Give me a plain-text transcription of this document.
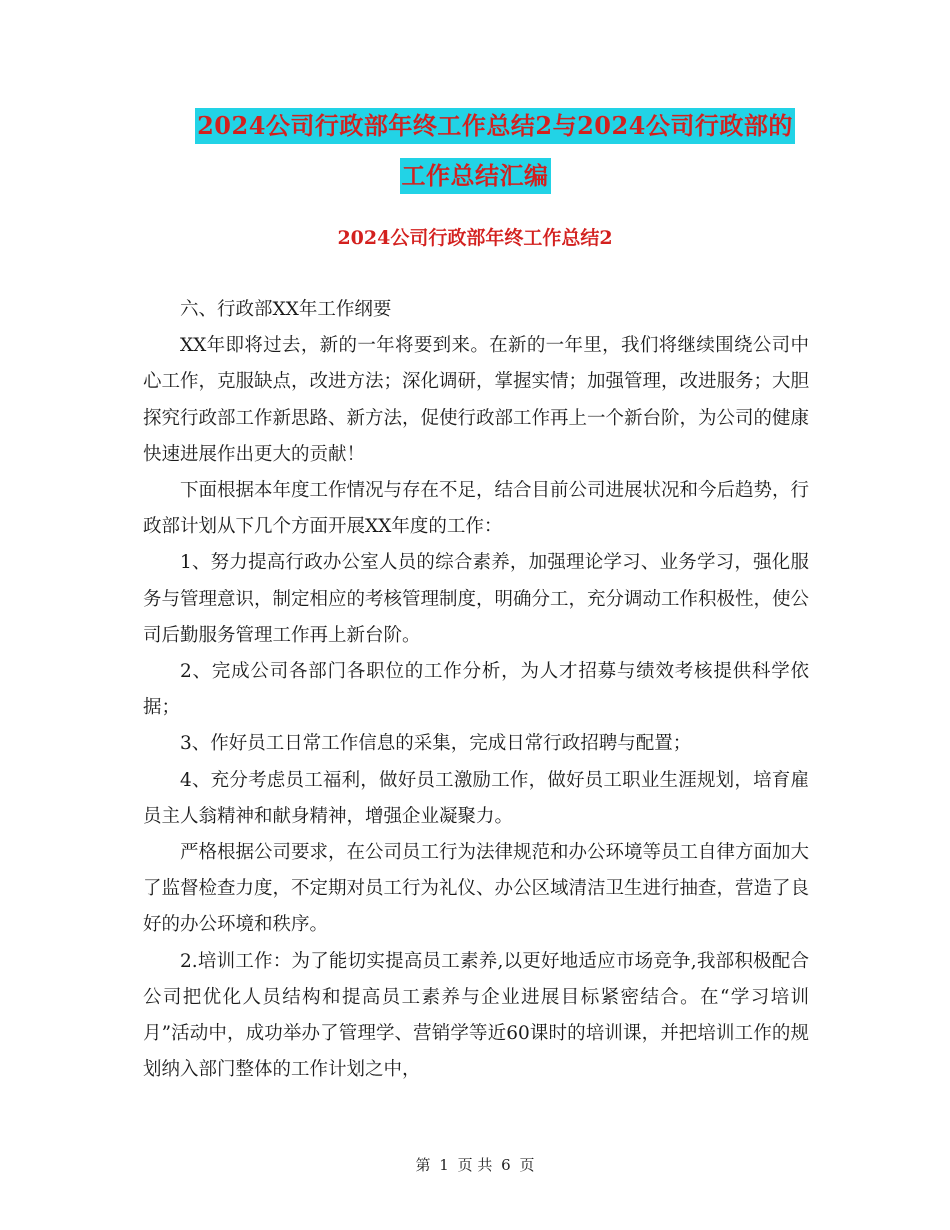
2024公司行政部年终工作总结2与2024公司行政部的
工作总结汇编
2024公司行政部年终工作总结2

六、行政部XX年工作纲要

XX年即将过去，新的一年将要到来。在新的一年里，我们将继续围绕公司中心工作，克服缺点，改进方法；深化调研，掌握实情；加强管理，改进服务；大胆探究行政部工作新思路、新方法，促使行政部工作再上一个新台阶，为公司的健康快速进展作出更大的贡献！

下面根据本年度工作情况与存在不足，结合目前公司进展状况和今后趋势，行政部计划从下几个方面开展XX年度的工作：

1、努力提高行政办公室人员的综合素养，加强理论学习、业务学习，强化服务与管理意识，制定相应的考核管理制度，明确分工，充分调动工作积极性，使公司后勤服务管理工作再上新台阶。

2、完成公司各部门各职位的工作分析，为人才招募与绩效考核提供科学依据；

3、作好员工日常工作信息的采集，完成日常行政招聘与配置；

4、充分考虑员工福利，做好员工激励工作，做好员工职业生涯规划，培育雇员主人翁精神和献身精神，增强企业凝聚力。

严格根据公司要求，在公司员工行为法律规范和办公环境等员工自律方面加大了监督检查力度，不定期对员工行为礼仪、办公区域清洁卫生进行抽查，营造了良好的办公环境和秩序。

2.培训工作：为了能切实提高员工素养,以更好地适应市场竞争,我部积极配合公司把优化人员结构和提高员工素养与企业进展目标紧密结合。在“学习培训月”活动中，成功举办了管理学、营销学等近60课时的培训课，并把培训工作的规划纳入部门整体的工作计划之中，

第 1 页 共 6 页
